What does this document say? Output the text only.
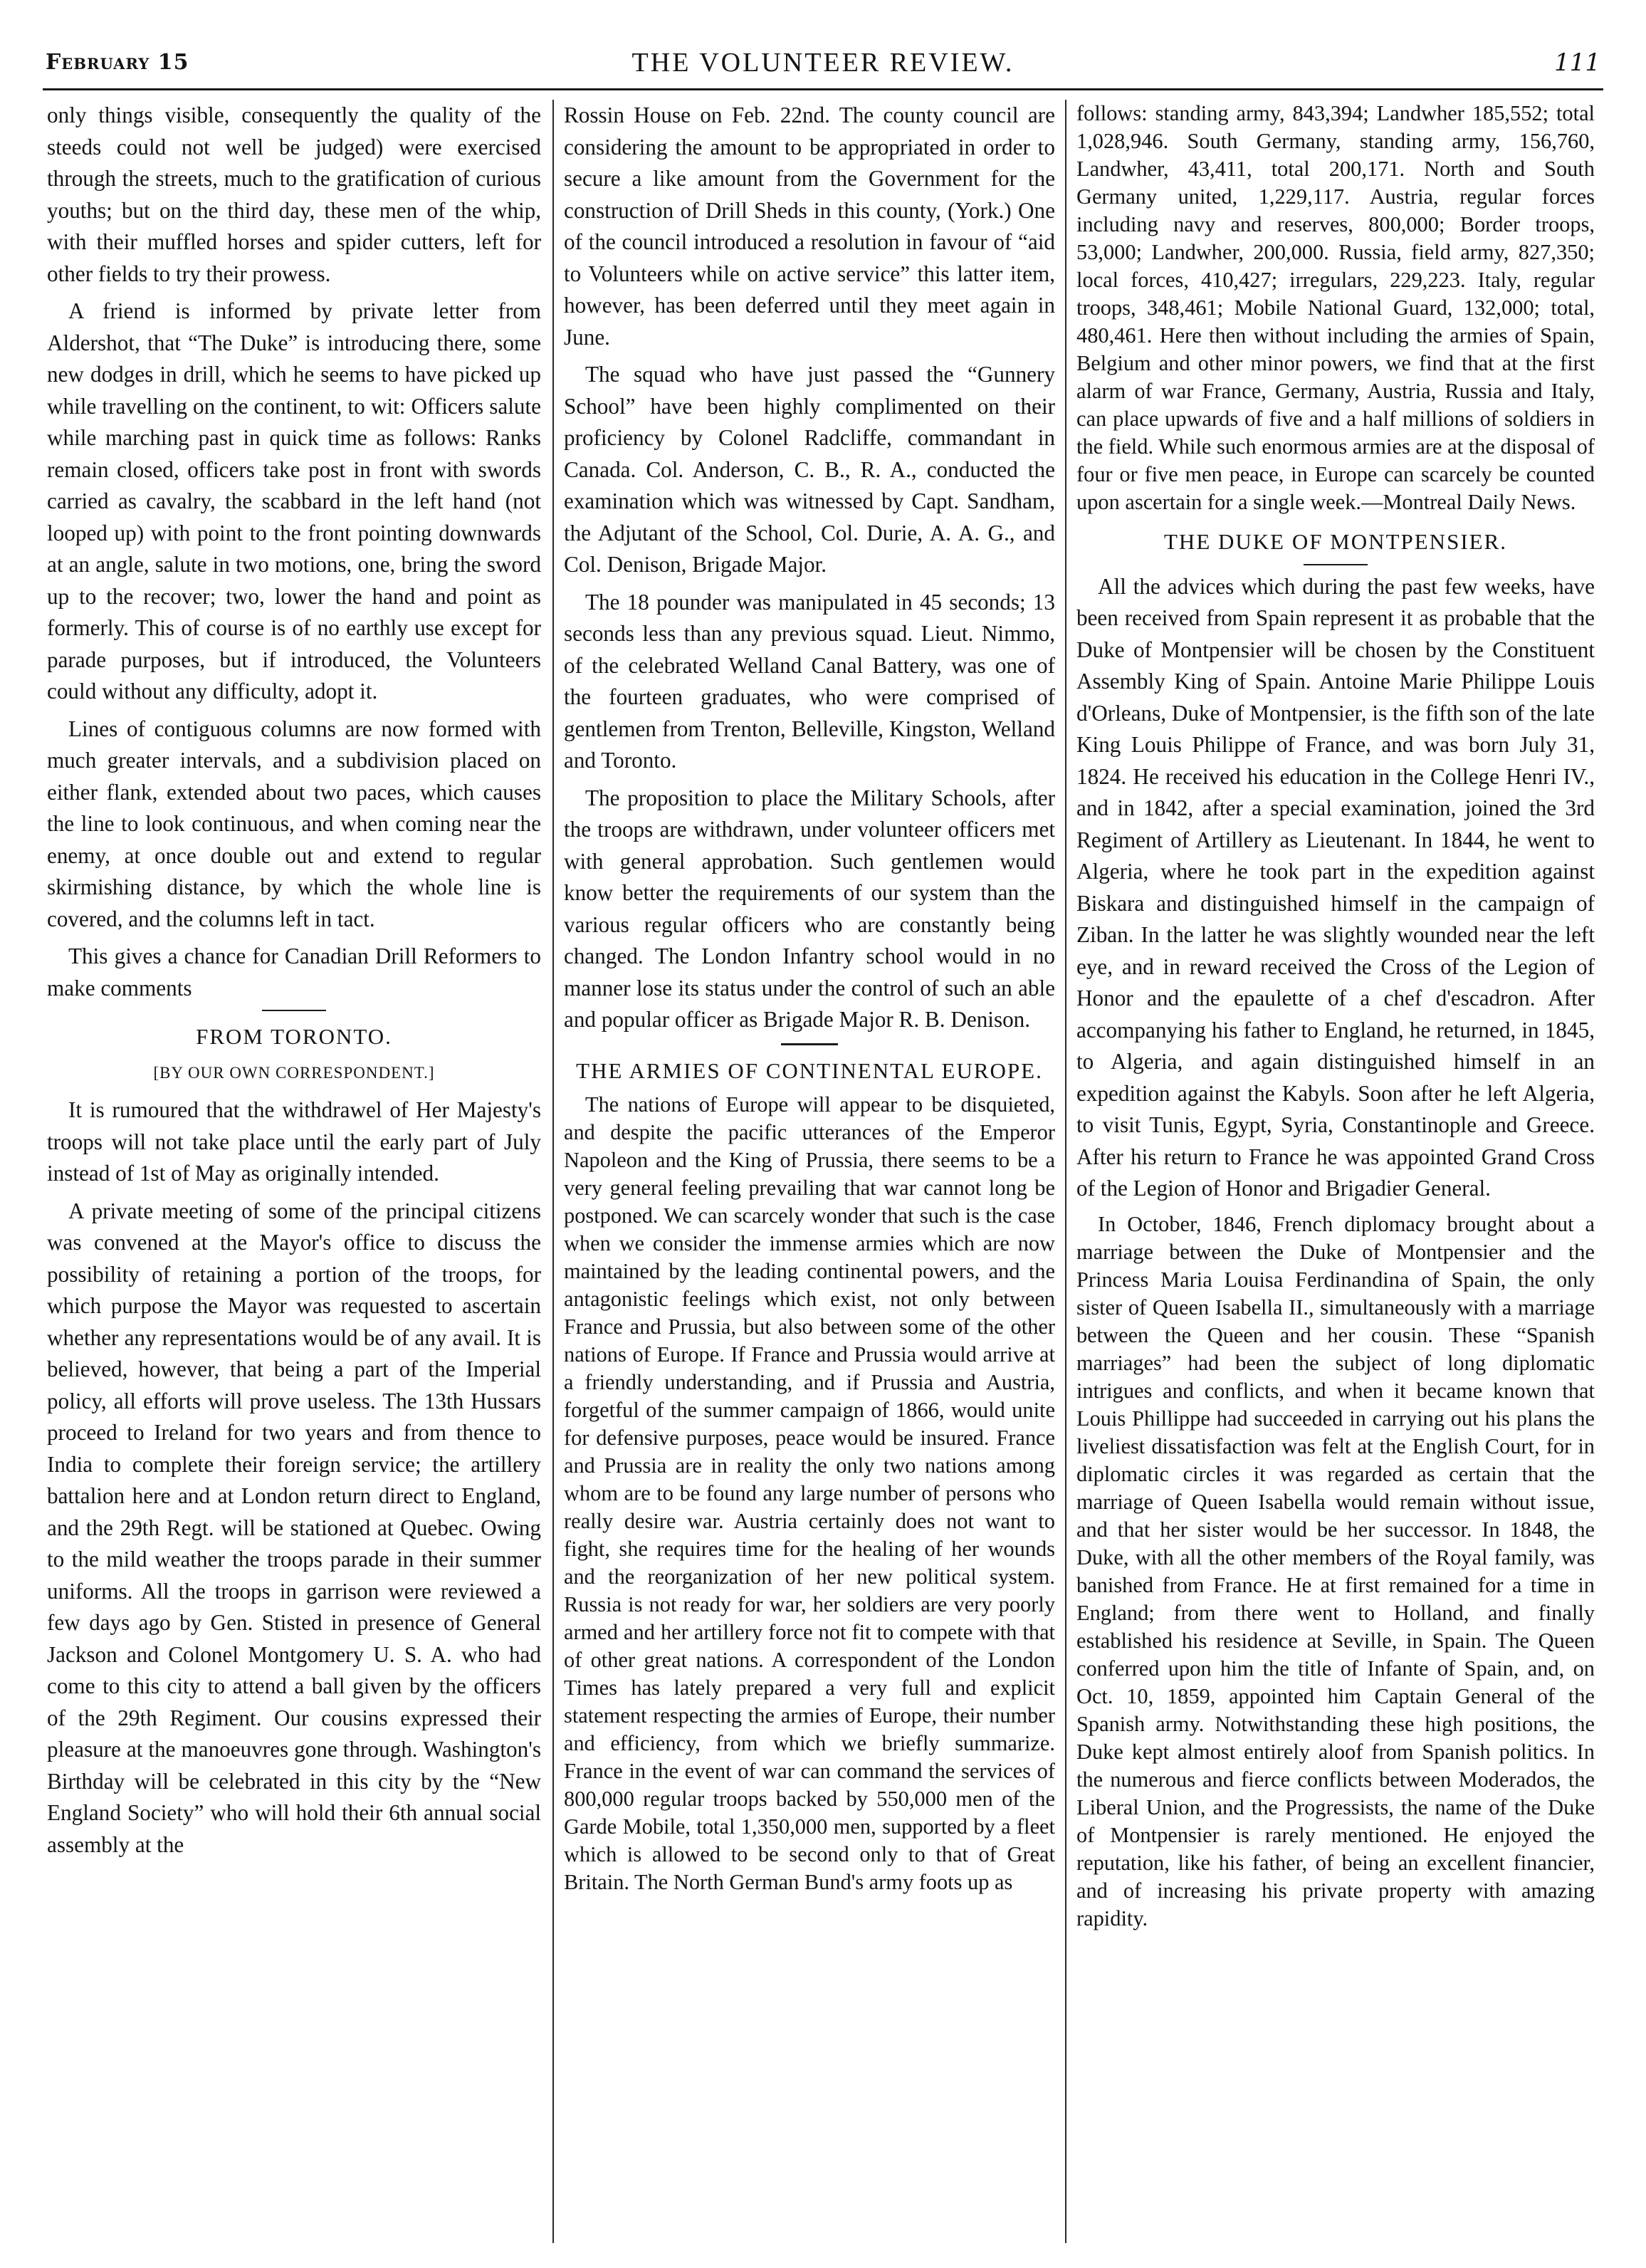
February 15	THE VOLUNTEER REVIEW.	111

only things visible, consequently the quality of the steeds could not well be judged) were exercised through the streets, much to the gratification of curious youths; but on the third day, these men of the whip, with their muffled horses and spider cutters, left for other fields to try their prowess.

A friend is informed by private letter from Aldershot, that “The Duke” is introducing there, some new dodges in drill, which he seems to have picked up while travelling on the continent, to wit: Officers salute while marching past in quick time as follows: Ranks remain closed, officers take post in front with swords carried as cavalry, the scabbard in the left hand (not looped up) with point to the front pointing downwards at an angle, salute in two motions, one, bring the sword up to the recover; two, lower the hand and point as formerly. This of course is of no earthly use except for parade purposes, but if introduced, the Volunteers could without any difficulty, adopt it.

Lines of contiguous columns are now formed with much greater intervals, and a subdivision placed on either flank, extended about two paces, which causes the line to look continuous, and when coming near the enemy, at once double out and extend to regular skirmishing distance, by which the whole line is covered, and the columns left in tact.

This gives a chance for Canadian Drill Reformers to make comments

FROM TORONTO.
[BY OUR OWN CORRESPONDENT.]

It is rumoured that the withdrawel of Her Majesty's troops will not take place until the early part of July instead of 1st of May as originally intended.

A private meeting of some of the principal citizens was convened at the Mayor's office to discuss the possibility of retaining a portion of the troops, for which purpose the Mayor was requested to ascertain whether any representations would be of any avail. It is believed, however, that being a part of the Imperial policy, all efforts will prove useless. The 13th Hussars proceed to Ireland for two years and from thence to India to complete their foreign service; the artillery battalion here and at London return direct to England, and the 29th Regt. will be stationed at Quebec. Owing to the mild weather the troops parade in their summer uniforms. All the troops in garrison were reviewed a few days ago by Gen. Stisted in presence of General Jackson and Colonel Montgomery U. S. A. who had come to this city to attend a ball given by the officers of the 29th Regiment. Our cousins expressed their pleasure at the manoeuvres gone through. Washington's Birthday will be celebrated in this city by the “New England Society” who will hold their 6th annual social assembly at the

Rossin House on Feb. 22nd. The county council are considering the amount to be appropriated in order to secure a like amount from the Government for the construction of Drill Sheds in this county, (York.) One of the council introduced a resolution in favour of “aid to Volunteers while on active service” this latter item, however, has been deferred until they meet again in June.

The squad who have just passed the “Gunnery School” have been highly complimented on their proficiency by Colonel Radcliffe, commandant in Canada. Col. Anderson, C. B., R. A., conducted the examination which was witnessed by Capt. Sandham, the Adjutant of the School, Col. Durie, A. A. G., and Col. Denison, Brigade Major.

The 18 pounder was manipulated in 45 seconds; 13 seconds less than any previous squad. Lieut. Nimmo, of the celebrated Welland Canal Battery, was one of the fourteen graduates, who were comprised of gentlemen from Trenton, Belleville, Kingston, Welland and Toronto.

The proposition to place the Military Schools, after the troops are withdrawn, under volunteer officers met with general approbation. Such gentlemen would know better the requirements of our system than the various regular officers who are constantly being changed. The London Infantry school would in no manner lose its status under the control of such an able and popular officer as Brigade Major R. B. Denison.

THE ARMIES OF CONTINENTAL EUROPE.

The nations of Europe will appear to be disquieted, and despite the pacific utterances of the Emperor Napoleon and the King of Prussia, there seems to be a very general feeling prevailing that war cannot long be postponed. We can scarcely wonder that such is the case when we consider the immense armies which are now maintained by the leading continental powers, and the antagonistic feelings which exist, not only between France and Prussia, but also between some of the other nations of Europe. If France and Prussia would arrive at a friendly understanding, and if Prussia and Austria, forgetful of the summer campaign of 1866, would unite for defensive purposes, peace would be insured. France and Prussia are in reality the only two nations among whom are to be found any large number of persons who really desire war. Austria certainly does not want to fight, she requires time for the healing of her wounds and the reorganization of her new political system. Russia is not ready for war, her soldiers are very poorly armed and her artillery force not fit to compete with that of other great nations. A correspondent of the London Times has lately prepared a very full and explicit statement respecting the armies of Europe, their number and efficiency, from which we briefly summarize. France in the event of war can command the services of 800,000 regular troops backed by 550,000 men of the Garde Mobile, total 1,350,000 men, supported by a fleet which is allowed to be second only to that of Great Britain. The North German Bund's army foots up as

follows: standing army, 843,394; Landwher 185,552; total 1,028,946. South Germany, standing army, 156,760, Landwher, 43,411, total 200,171. North and South Germany united, 1,229,117. Austria, regular forces including navy and reserves, 800,000; Border troops, 53,000; Landwher, 200,000. Russia, field army, 827,350; local forces, 410,427; irregulars, 229,223. Italy, regular troops, 348,461; Mobile National Guard, 132,000; total, 480,461. Here then without including the armies of Spain, Belgium and other minor powers, we find that at the first alarm of war France, Germany, Austria, Russia and Italy, can place upwards of five and a half millions of soldiers in the field. While such enormous armies are at the disposal of four or five men peace, in Europe can scarcely be counted upon ascertain for a single week.—Montreal Daily News.

THE DUKE OF MONTPENSIER.

All the advices which during the past few weeks, have been received from Spain represent it as probable that the Duke of Montpensier will be chosen by the Constituent Assembly King of Spain. Antoine Marie Philippe Louis d'Orleans, Duke of Montpensier, is the fifth son of the late King Louis Philippe of France, and was born July 31, 1824. He received his education in the College Henri IV., and in 1842, after a special examination, joined the 3rd Regiment of Artillery as Lieutenant. In 1844, he went to Algeria, where he took part in the expedition against Biskara and distinguished himself in the campaign of Ziban. In the latter he was slightly wounded near the left eye, and in reward received the Cross of the Legion of Honor and the epaulette of a chef d'escadron. After accompanying his father to England, he returned, in 1845, to Algeria, and again distinguished himself in an expedition against the Kabyls. Soon after he left Algeria, to visit Tunis, Egypt, Syria, Constantinople and Greece. After his return to France he was appointed Grand Cross of the Legion of Honor and Brigadier General.

In October, 1846, French diplomacy brought about a marriage between the Duke of Montpensier and the Princess Maria Louisa Ferdinandina of Spain, the only sister of Queen Isabella II., simultaneously with a marriage between the Queen and her cousin. These “Spanish marriages” had been the subject of long diplomatic intrigues and conflicts, and when it became known that Louis Phillippe had succeeded in carrying out his plans the liveliest dissatisfaction was felt at the English Court, for in diplomatic circles it was regarded as certain that the marriage of Queen Isabella would remain without issue, and that her sister would be her successor. In 1848, the Duke, with all the other members of the Royal family, was banished from France. He at first remained for a time in England; from there went to Holland, and finally established his residence at Seville, in Spain. The Queen conferred upon him the title of Infante of Spain, and, on Oct. 10, 1859, appointed him Captain General of the Spanish army. Notwithstanding these high positions, the Duke kept almost entirely aloof from Spanish politics. In the numerous and fierce conflicts between Moderados, the Liberal Union, and the Progressists, the name of the Duke of Montpensier is rarely mentioned. He enjoyed the reputation, like his father, of being an excellent financier, and of increasing his private property with amazing rapidity.
